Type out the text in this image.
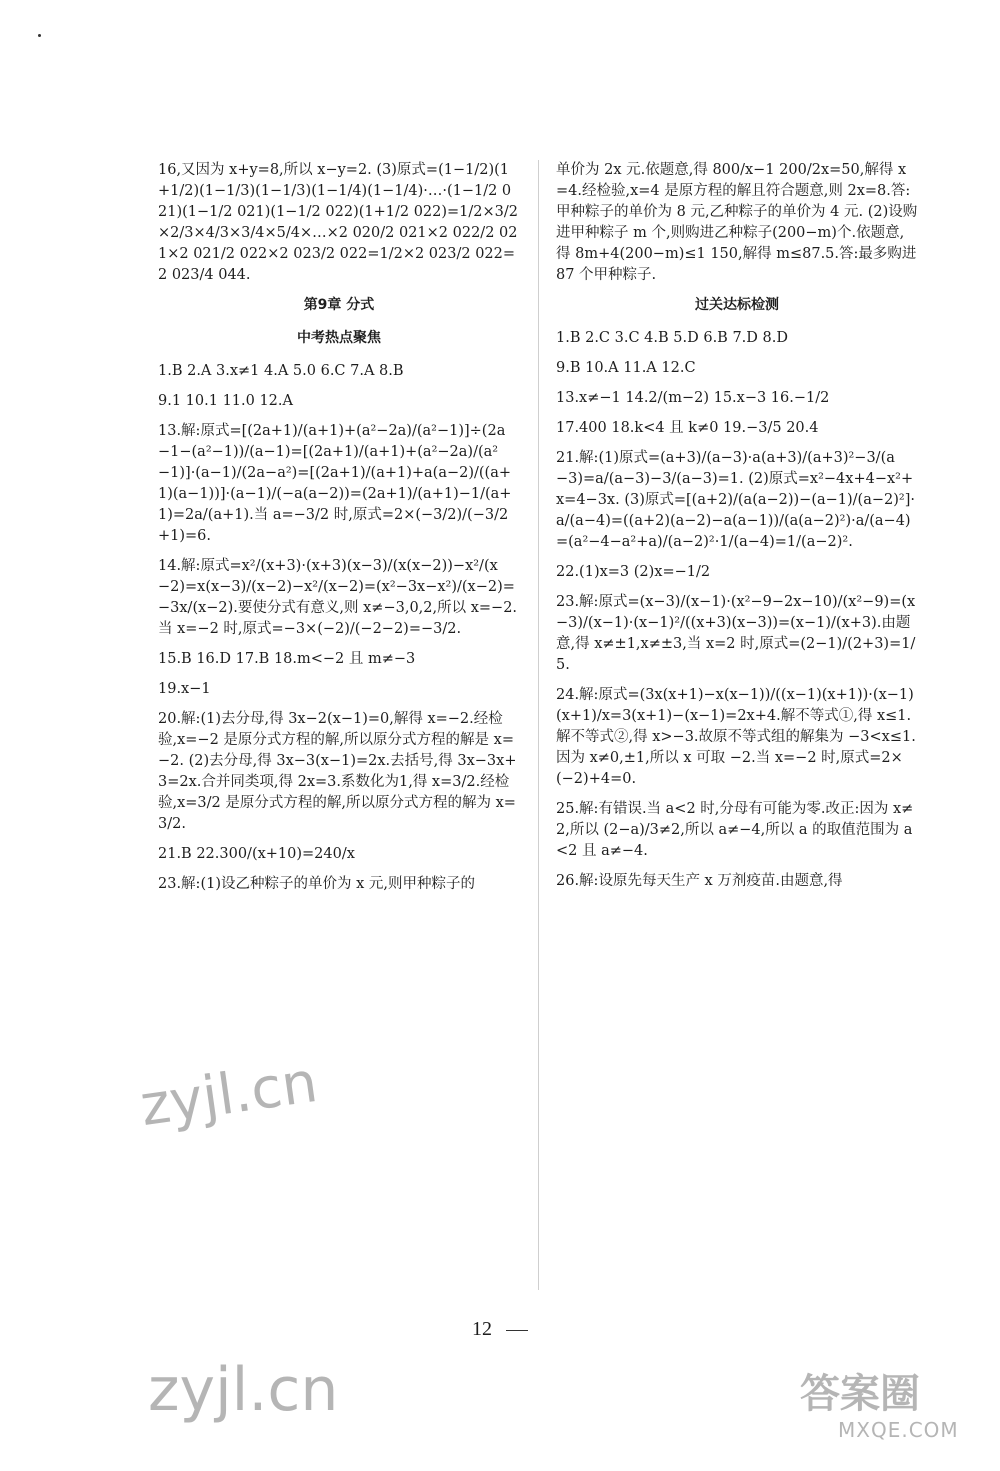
16,又因为 x+y=8,所以 x−y=2. (3)原式=(1−1/2)(1+1/2)(1−1/3)(1−1/3)(1−1/4)(1−1/4)·…·(1−1/2 021)(1−1/2 021)(1−1/2 022)(1+1/2 022)=1/2×3/2×2/3×4/3×3/4×5/4×…×2 020/2 021×2 022/2 021×2 021/2 022×2 023/2 022=1/2×2 023/2 022=2 023/4 044.
第9章 分式
中考热点聚焦
1.B 2.A 3.x≠1 4.A 5.0 6.C 7.A 8.B
9.1 10.1 11.0 12.A
13.解:原式=[(2a+1)/(a+1)+(a²−2a)/(a²−1)]÷(2a−1−(a²−1))/(a−1)=[(2a+1)/(a+1)+(a²−2a)/(a²−1)]·(a−1)/(2a−a²)=[(2a+1)/(a+1)+a(a−2)/((a+1)(a−1))]·(a−1)/(−a(a−2))=(2a+1)/(a+1)−1/(a+1)=2a/(a+1).当 a=−3/2 时,原式=2×(−3/2)/(−3/2+1)=6.
14.解:原式=x²/(x+3)·(x+3)(x−3)/(x(x−2))−x²/(x−2)=x(x−3)/(x−2)−x²/(x−2)=(x²−3x−x²)/(x−2)=−3x/(x−2).要使分式有意义,则 x≠−3,0,2,所以 x=−2.当 x=−2 时,原式=−3×(−2)/(−2−2)=−3/2.
15.B 16.D 17.B 18.m<−2 且 m≠−3
19.x−1
20.解:(1)去分母,得 3x−2(x−1)=0,解得 x=−2.经检验,x=−2 是原分式方程的解,所以原分式方程的解是 x=−2. (2)去分母,得 3x−3(x−1)=2x.去括号,得 3x−3x+3=2x.合并同类项,得 2x=3.系数化为1,得 x=3/2.经检验,x=3/2 是原分式方程的解,所以原分式方程的解为 x=3/2.
21.B 22.300/(x+10)=240/x
23.解:(1)设乙种粽子的单价为 x 元,则甲种粽子的
单价为 2x 元.依题意,得 800/x−1 200/2x=50,解得 x=4.经检验,x=4 是原方程的解且符合题意,则 2x=8.答:甲种粽子的单价为 8 元,乙种粽子的单价为 4 元. (2)设购进甲种粽子 m 个,则购进乙种粽子(200−m)个.依题意,得 8m+4(200−m)≤1 150,解得 m≤87.5.答:最多购进 87 个甲种粽子.
过关达标检测
1.B 2.C 3.C 4.B 5.D 6.B 7.D 8.D
9.B 10.A 11.A 12.C
13.x≠−1 14.2/(m−2) 15.x−3 16.−1/2
17.400 18.k<4 且 k≠0 19.−3/5 20.4
21.解:(1)原式=(a+3)/(a−3)·a(a+3)/(a+3)²−3/(a−3)=a/(a−3)−3/(a−3)=1. (2)原式=x²−4x+4−x²+x=4−3x. (3)原式=[(a+2)/(a(a−2))−(a−1)/(a−2)²]·a/(a−4)=((a+2)(a−2)−a(a−1))/(a(a−2)²)·a/(a−4)=(a²−4−a²+a)/(a−2)²·1/(a−4)=1/(a−2)².
22.(1)x=3 (2)x=−1/2
23.解:原式=(x−3)/(x−1)·(x²−9−2x−10)/(x²−9)=(x−3)/(x−1)·(x−1)²/((x+3)(x−3))=(x−1)/(x+3).由题意,得 x≠±1,x≠±3,当 x=2 时,原式=(2−1)/(2+3)=1/5.
24.解:原式=(3x(x+1)−x(x−1))/((x−1)(x+1))·(x−1)(x+1)/x=3(x+1)−(x−1)=2x+4.解不等式①,得 x≤1.解不等式②,得 x>−3.故原不等式组的解集为 −3<x≤1.因为 x≠0,±1,所以 x 可取 −2.当 x=−2 时,原式=2×(−2)+4=0.
25.解:有错误.当 a<2 时,分母有可能为零.改正:因为 x≠2,所以 (2−a)/3≠2,所以 a≠−4,所以 a 的取值范围为 a<2 且 a≠−4.
26.解:设原先每天生产 x 万剂疫苗.由题意,得
12
zyjl.cn
zyjl.cn	答案圈
MXQE.COM
